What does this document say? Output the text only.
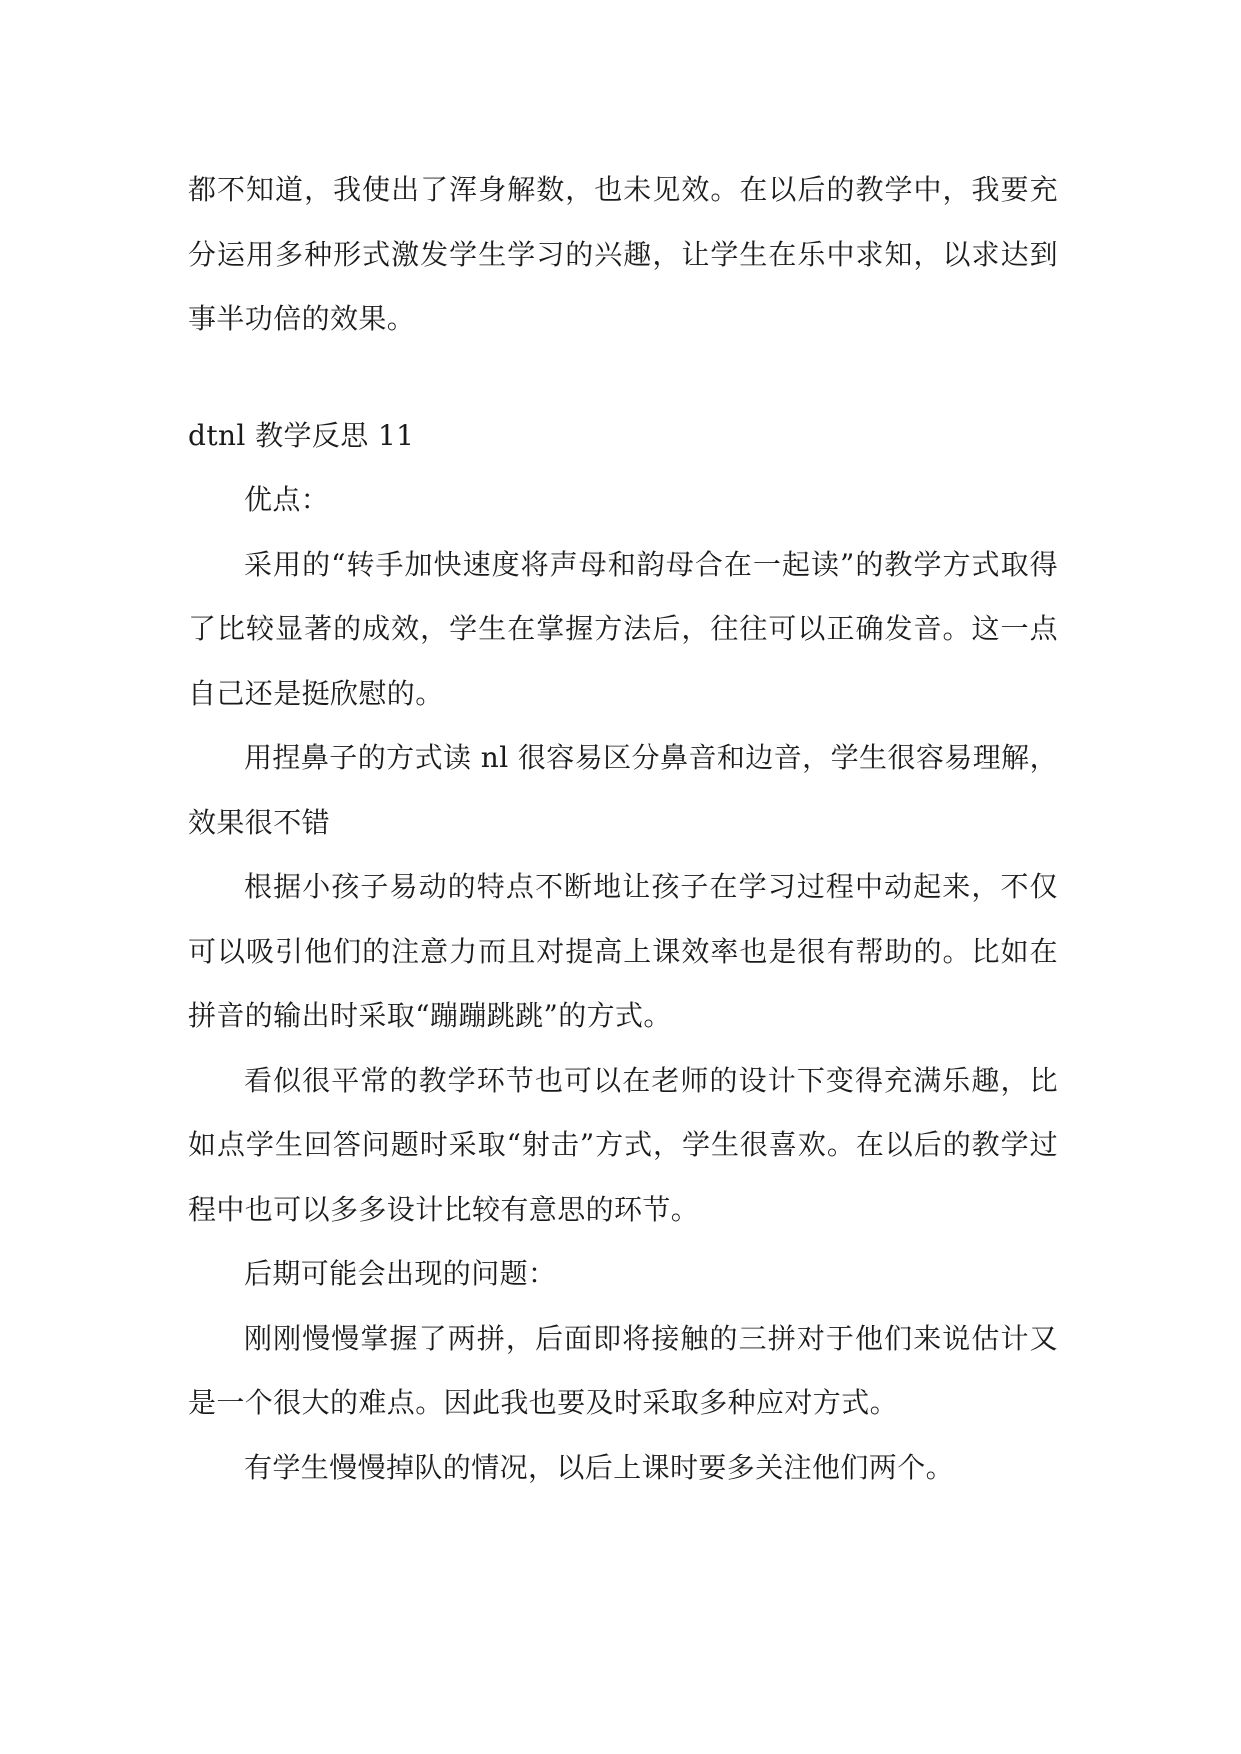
都不知道，我使出了浑身解数，也未见效。在以后的教学中，我要充分运用多种形式激发学生学习的兴趣，让学生在乐中求知，以求达到事半功倍的效果。

dtnl 教学反思 11

优点：

采用的“转手加快速度将声母和韵母合在一起读”的教学方式取得了比较显著的成效，学生在掌握方法后，往往可以正确发音。这一点自己还是挺欣慰的。

用捏鼻子的方式读 nl 很容易区分鼻音和边音，学生很容易理解，效果很不错

根据小孩子易动的特点不断地让孩子在学习过程中动起来，不仅可以吸引他们的注意力而且对提高上课效率也是很有帮助的。比如在拼音的输出时采取“蹦蹦跳跳”的方式。

看似很平常的教学环节也可以在老师的设计下变得充满乐趣，比如点学生回答问题时采取“射击”方式，学生很喜欢。在以后的教学过程中也可以多多设计比较有意思的环节。

后期可能会出现的问题：

刚刚慢慢掌握了两拼，后面即将接触的三拼对于他们来说估计又是一个很大的难点。因此我也要及时采取多种应对方式。

有学生慢慢掉队的情况，以后上课时要多关注他们两个。
